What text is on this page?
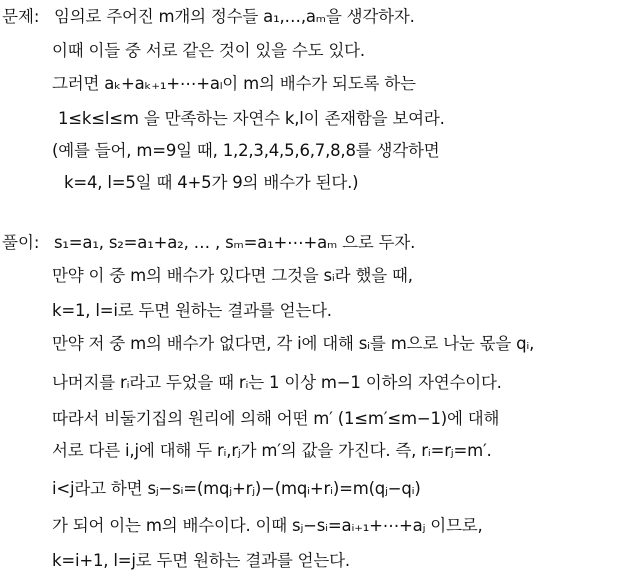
문제: 임의로 주어진 m개의 정수들 a₁,…,aₘ을 생각하자.
이때 이들 중 서로 같은 것이 있을 수도 있다.
그러면 aₖ+aₖ₊₁+⋯+aₗ이 m의 배수가 되도록 하는
1≤k≤l≤m 을 만족하는 자연수 k,l이 존재함을 보여라.
(예를 들어, m=9일 때, 1,2,3,4,5,6,7,8,8를 생각하면
k=4, l=5일 때 4+5가 9의 배수가 된다.)
풀이: s₁=a₁, s₂=a₁+a₂, … , sₘ=a₁+⋯+aₘ 으로 두자.
만약 이 중 m의 배수가 있다면 그것을 sᵢ라 했을 때,
k=1, l=i로 두면 원하는 결과를 얻는다.
만약 저 중 m의 배수가 없다면, 각 i에 대해 sᵢ를 m으로 나눈 몫을 qᵢ,
나머지를 rᵢ라고 두었을 때 rᵢ는 1 이상 m−1 이하의 자연수이다.
따라서 비둘기집의 원리에 의해 어떤 m′ (1≤m′≤m−1)에 대해
서로 다른 i,j에 대해 두 rᵢ,rⱼ가 m′의 값을 가진다. 즉, rᵢ=rⱼ=m′.
i<j라고 하면 sⱼ−sᵢ=(mqⱼ+rⱼ)−(mqᵢ+rᵢ)=m(qⱼ−qᵢ)
가 되어 이는 m의 배수이다. 이때 sⱼ−sᵢ=aᵢ₊₁+⋯+aⱼ 이므로,
k=i+1, l=j로 두면 원하는 결과를 얻는다.
